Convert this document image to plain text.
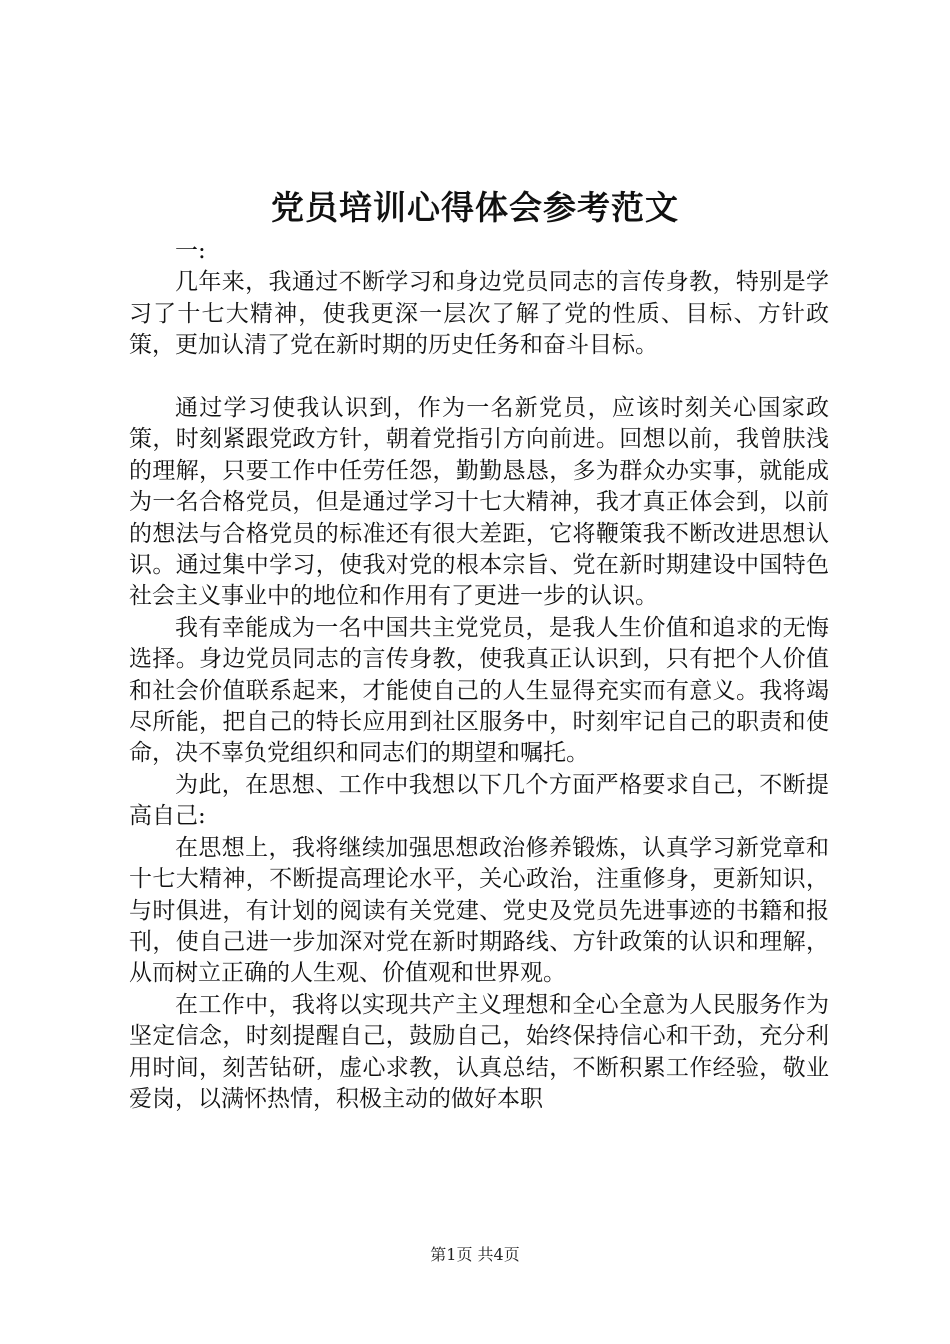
党员培训心得体会参考范文

一:

几年来，我通过不断学习和身边党员同志的言传身教，特别是学习了十七大精神，使我更深一层次了解了党的性质、目标、方针政策，更加认清了党在新时期的历史任务和奋斗目标。

通过学习使我认识到，作为一名新党员，应该时刻关心国家政策，时刻紧跟党政方针，朝着党指引方向前进。回想以前，我曾肤浅的理解，只要工作中任劳任怨，勤勤恳恳，多为群众办实事，就能成为一名合格党员，但是通过学习十七大精神，我才真正体会到，以前的想法与合格党员的标准还有很大差距，它将鞭策我不断改进思想认识。通过集中学习，使我对党的根本宗旨、党在新时期建设中国特色社会主义事业中的地位和作用有了更进一步的认识。

我有幸能成为一名中国共主党党员，是我人生价值和追求的无悔选择。身边党员同志的言传身教，使我真正认识到，只有把个人价值和社会价值联系起来，才能使自己的人生显得充实而有意义。我将竭尽所能，把自己的特长应用到社区服务中，时刻牢记自己的职责和使命，决不辜负党组织和同志们的期望和嘱托。

为此，在思想、工作中我想以下几个方面严格要求自己，不断提高自己:

在思想上，我将继续加强思想政治修养锻炼，认真学习新党章和十七大精神，不断提高理论水平，关心政治，注重修身，更新知识，与时俱进，有计划的阅读有关党建、党史及党员先进事迹的书籍和报刊，使自己进一步加深对党在新时期路线、方针政策的认识和理解，从而树立正确的人生观、价值观和世界观。

在工作中，我将以实现共产主义理想和全心全意为人民服务作为坚定信念，时刻提醒自己，鼓励自己，始终保持信心和干劲，充分利用时间，刻苦钻研，虚心求教，认真总结，不断积累工作经验，敬业爱岗，以满怀热情，积极主动的做好本职

第1页 共4页
